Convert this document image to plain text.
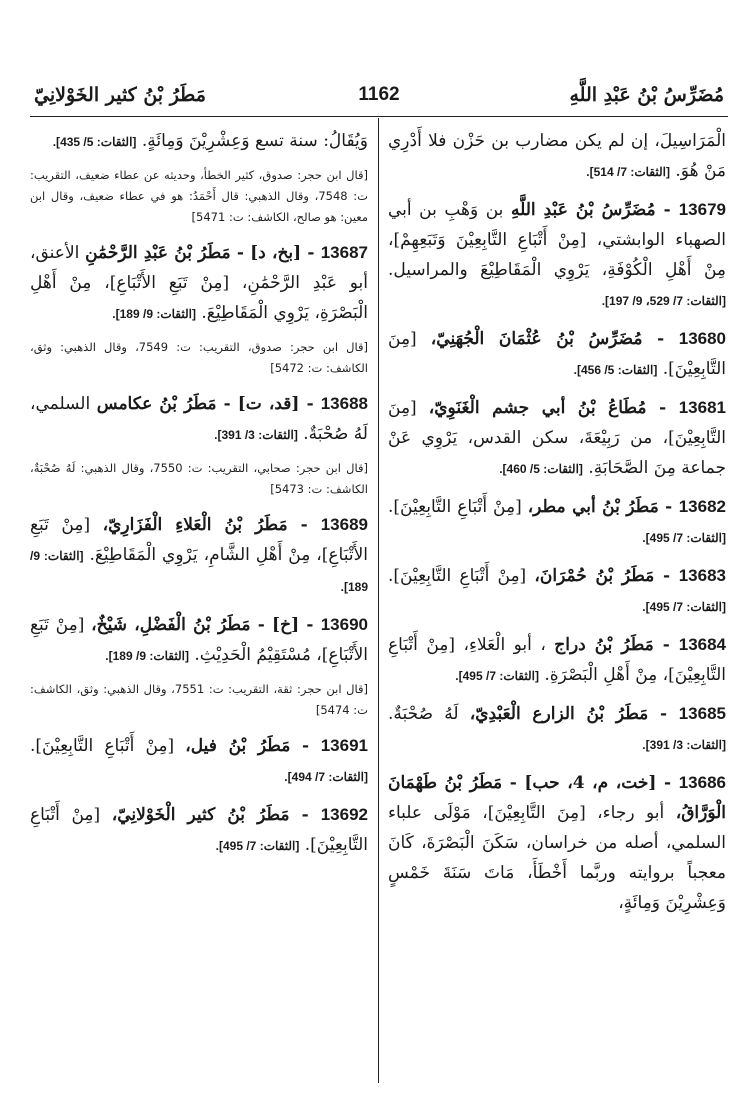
مُضَرِّسُ بْنُ عَبْدِ اللَّهِ
1162
مَطَرُ بْنُ كثير الخَوْلانِيّ

الْمَرَاسِيلَ، إن لم يكن مضارب بن حَزْن فلا أَدْرِي مَنْ هُوَ. [الثقات: 7/ 514].

13679 - مُضَرِّسُ بْنُ عَبْدِ اللَّهِ بن وَهْبِ بن أبي الصهباء الوابشتي، [مِنْ أَتْبَاعِ التَّابِعِيْنَ وَتَبَعِهِمْ]، مِنْ أَهْلِ الْكُوْفَةِ، يَرْوِي الْمَقَاطِيْعَ والمراسيل. [الثقات: 7/ 529، 9/ 197].

13680 - مُضَرِّسُ بْنُ عُثْمَانَ الْجُهَنِيّ، [مِنَ التَّابِعِيْنَ]. [الثقات: 5/ 456].

13681 - مُطَاعُ بْنُ أبي جشم الْغَنَوِيّ، [مِنَ التَّابِعِيْنَ]، من رَبِيْعَةَ، سكن القدس، يَرْوِي عَنْ جماعة مِنَ الصَّحَابَةِ. [الثقات: 5/ 460].

13682 - مَطَرُ بْنُ أبي مطر، [مِنْ أَتْبَاعِ التَّابِعِيْنَ]. [الثقات: 7/ 495].

13683 - مَطَرُ بْنُ حُمْرَانَ، [مِنْ أَتْبَاعِ التَّابِعِيْنَ]. [الثقات: 7/ 495].

13684 - مَطَرُ بْنُ دراج ، أبو الْعَلاءِ، [مِنْ أَتْبَاعِ التَّابِعِيْنَ]، مِنْ أَهْلِ الْبَصْرَةِ. [الثقات: 7/ 495].

13685 - مَطَرُ بْنُ الزارع الْعَبْدِيّ، لَهُ صُحْبَةٌ. [الثقات: 3/ 391].

13686 - [خت، م، 4، حب] - مَطَرُ بْنُ طَهْمَانَ الْوَرَّاقُ، أبو رجاء، [مِنَ التَّابِعِيْنَ]، مَوْلَى علباء السلمي، أصله من خراسان، سَكَنَ الْبَصْرَةَ، كَانَ معجباً بروايته وربَّما أَخْطَأَ، مَاتَ سَنَةَ خَمْسٍ وَعِشْرِيْنَ وَمِائَةٍ،

وَيُقَالُ: سنة تسع وَعِشْرِيْنَ وَمِائَةٍ. [الثقات: 5/ 435].

[قال ابن حجر: صدوق، كثير الخطأ، وحديثه عن عطاء ضعيف، التقريب: ت: 7548، وقال الذهبي: قال أَحْمَدُ: هو في عطاء ضعيف، وقال ابن معين: هو صالح، الكاشف: ت: 5471]

13687 - [بخ، د] - مَطَرُ بْنُ عَبْدِ الرَّحْمَٰنِ الأعنق، أبو عَبْدِ الرَّحْمَٰنِ، [مِنْ تَبَعِ الأَتْبَاعِ]، مِنْ أَهْلِ الْبَصْرَةِ، يَرْوِي الْمَقَاطِيْعَ. [الثقات: 9/ 189].

[قال ابن حجر: صدوق، التقريب: ت: 7549، وقال الذهبي: وثق، الكاشف: ت: 5472]

13688 - [قد، ت] - مَطَرُ بْنُ عكامس السلمي، لَهُ صُحْبَةٌ. [الثقات: 3/ 391].

[قال ابن حجر: صحابي، التقريب: ت: 7550، وقال الذهبي: لَهُ صُحْبَةٌ، الكاشف: ت: 5473]

13689 - مَطَرُ بْنُ الْعَلاءِ الْفَزَارِيّ، [مِنْ تَبَعِ الأَتْبَاعِ]، مِنْ أَهْلِ الشَّامِ، يَرْوِي الْمَقَاطِيْعَ. [الثقات: 9/ 189].

13690 - [خ] - مَطَرُ بْنُ الْفَضْلِ، شَيْخٌ، [مِنْ تَبَعِ الأَتْبَاعِ]، مُسْتَقِيْمُ الْحَدِيْثِ. [الثقات: 9/ 189].

[قال ابن حجر: ثقة، التقريب: ت: 7551، وقال الذهبي: وثق، الكاشف: ت: 5474]

13691 - مَطَرُ بْنُ فيل، [مِنْ أَتْبَاعِ التَّابِعِيْنَ]. [الثقات: 7/ 494].

13692 - مَطَرُ بْنُ كثير الْخَوْلانِيّ، [مِنْ أَتْبَاعِ التَّابِعِيْنَ]. [الثقات: 7/ 495].
